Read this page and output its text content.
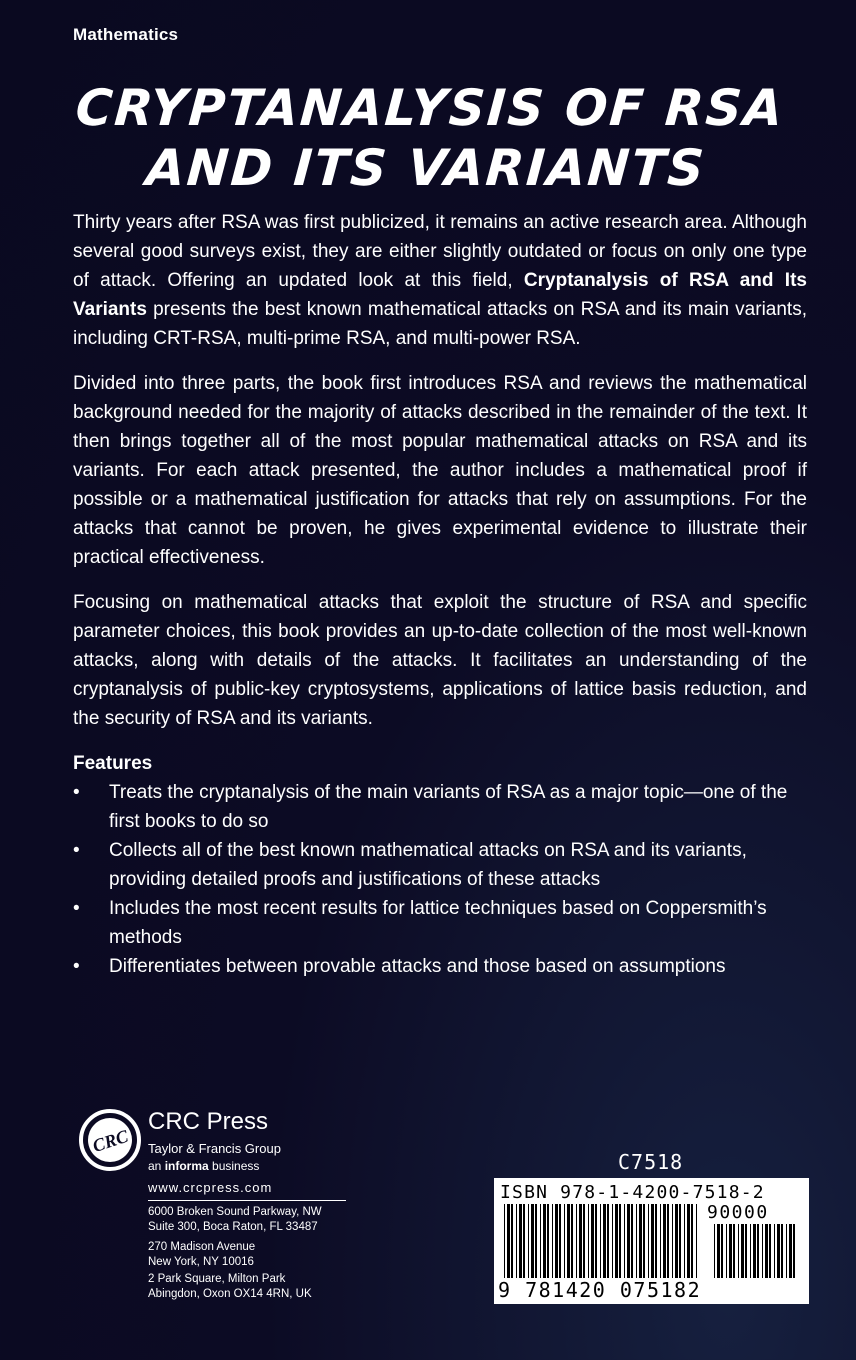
Mathematics
CRYPTANALYSIS OF RSA
AND ITS VARIANTS

Thirty years after RSA was first publicized, it remains an active research area. Although several good surveys exist, they are either slightly outdated or focus on only one type of attack. Offering an updated look at this field, Cryptanalysis of RSA and Its Variants presents the best known mathematical attacks on RSA and its main variants, including CRT-RSA, multi-prime RSA, and multi-power RSA.

Divided into three parts, the book first introduces RSA and reviews the mathematical background needed for the majority of attacks described in the remainder of the text. It then brings together all of the most popular mathematical attacks on RSA and its variants. For each attack presented, the author includes a mathematical proof if possible or a mathematical justification for attacks that rely on assumptions. For the attacks that cannot be proven, he gives experimental evidence to illustrate their practical effectiveness.

Focusing on mathematical attacks that exploit the structure of RSA and specific parameter choices, this book provides an up-to-date collection of the most well-known attacks, along with details of the attacks. It facilitates an understanding of the cryptanalysis of public-key cryptosystems, applications of lattice basis reduction, and the security of RSA and its variants.

Features
• Treats the cryptanalysis of the main variants of RSA as a major topic—one of the first books to do so
• Collects all of the best known mathematical attacks on RSA and its variants, providing detailed proofs and justifications of these attacks
• Includes the most recent results for lattice techniques based on Coppersmith’s methods
• Differentiates between provable attacks and those based on assumptions
CRC
CRC Press
Taylor & Francis Group
an informa business
www.crcpress.com
6000 Broken Sound Parkway, NW
Suite 300, Boca Raton, FL 33487
270 Madison Avenue
New York, NY 10016
2 Park Square, Milton Park
Abingdon, Oxon OX14 4RN, UK
C7518
ISBN 978-1-4200-7518-2
90000
9 781420 075182
